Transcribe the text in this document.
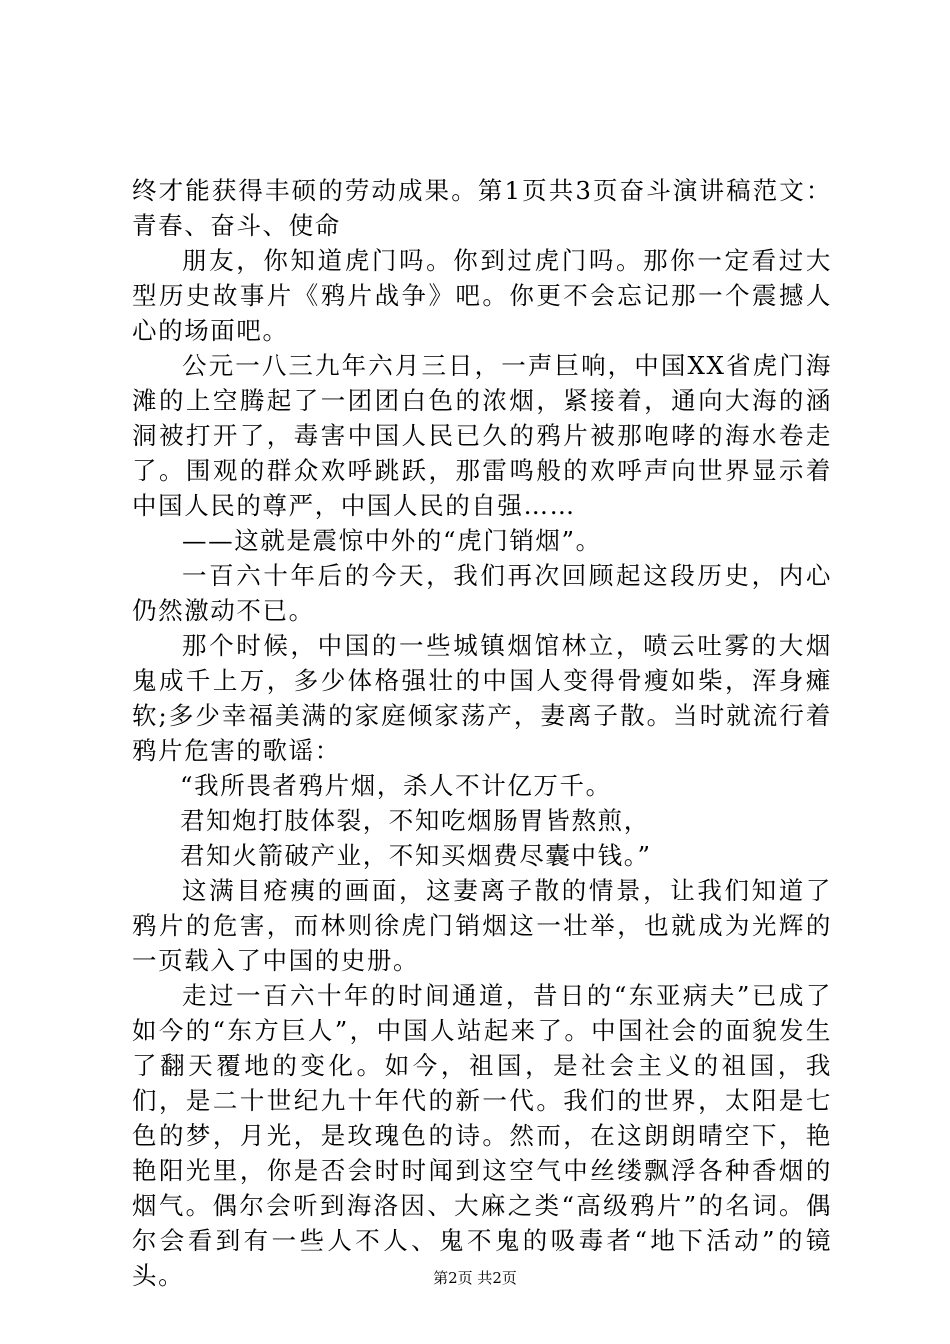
终才能获得丰硕的劳动成果。第1页共3页奋斗演讲稿范文：青春、奋斗、使命

朋友，你知道虎门吗。你到过虎门吗。那你一定看过大型历史故事片《鸦片战争》吧。你更不会忘记那一个震撼人心的场面吧。

公元一八三九年六月三日，一声巨响，中国XX省虎门海滩的上空腾起了一团团白色的浓烟，紧接着，通向大海的涵洞被打开了，毒害中国人民已久的鸦片被那咆哮的海水卷走了。围观的群众欢呼跳跃，那雷鸣般的欢呼声向世界显示着中国人民的尊严，中国人民的自强……

——这就是震惊中外的“虎门销烟”。

一百六十年后的今天，我们再次回顾起这段历史，内心仍然激动不已。

那个时候，中国的一些城镇烟馆林立，喷云吐雾的大烟鬼成千上万，多少体格强壮的中国人变得骨瘦如柴，浑身瘫软;多少幸福美满的家庭倾家荡产，妻离子散。当时就流行着鸦片危害的歌谣：

“我所畏者鸦片烟，杀人不计亿万千。

君知炮打肢体裂，不知吃烟肠胃皆熬煎，

君知火箭破产业，不知买烟费尽囊中钱。”

这满目疮痍的画面，这妻离子散的情景，让我们知道了鸦片的危害，而林则徐虎门销烟这一壮举，也就成为光辉的一页载入了中国的史册。

走过一百六十年的时间通道，昔日的“东亚病夫”已成了如今的“东方巨人”，中国人站起来了。中国社会的面貌发生了翻天覆地的变化。如今，祖国，是社会主义的祖国，我们，是二十世纪九十年代的新一代。我们的世界，太阳是七色的梦，月光，是玫瑰色的诗。然而，在这朗朗晴空下，艳艳阳光里，你是否会时时闻到这空气中丝缕飘浮各种香烟的烟气。偶尔会听到海洛因、大麻之类“高级鸦片”的名词。偶尔会看到有一些人不人、鬼不鬼的吸毒者“地下活动”的镜头。	第2页 共2页
